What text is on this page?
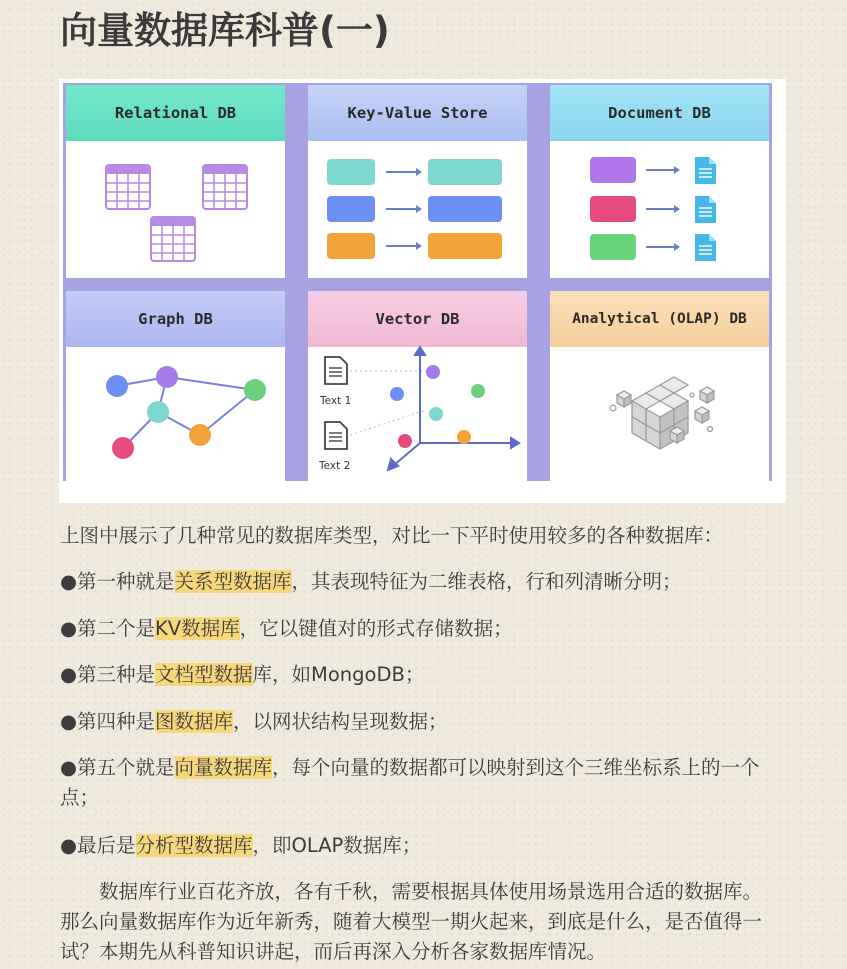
向量数据库科普(一)
Relational DB	Key-Value Store	Document DB
Graph DB	Vector DB
Text 1
Text 2
Analytical (OLAP) DB

上图中展示了几种常见的数据库类型，对比一下平时使用较多的各种数据库：

●第一种就是关系型数据库，其表现特征为二维表格，行和列清晰分明；

●第二个是KV数据库，它以键值对的形式存储数据；

●第三种是文档型数据库，如MongoDB；

●第四种是图数据库，以网状结构呈现数据；

●第五个就是向量数据库，每个向量的数据都可以映射到这个三维坐标系上的一个点；

●最后是分析型数据库，即OLAP数据库；

数据库行业百花齐放，各有千秋，需要根据具体使用场景选用合适的数据库。那么向量数据库作为近年新秀，随着大模型一期火起来，到底是什么，是否值得一试？本期先从科普知识讲起，而后再深入分析各家数据库情况。
